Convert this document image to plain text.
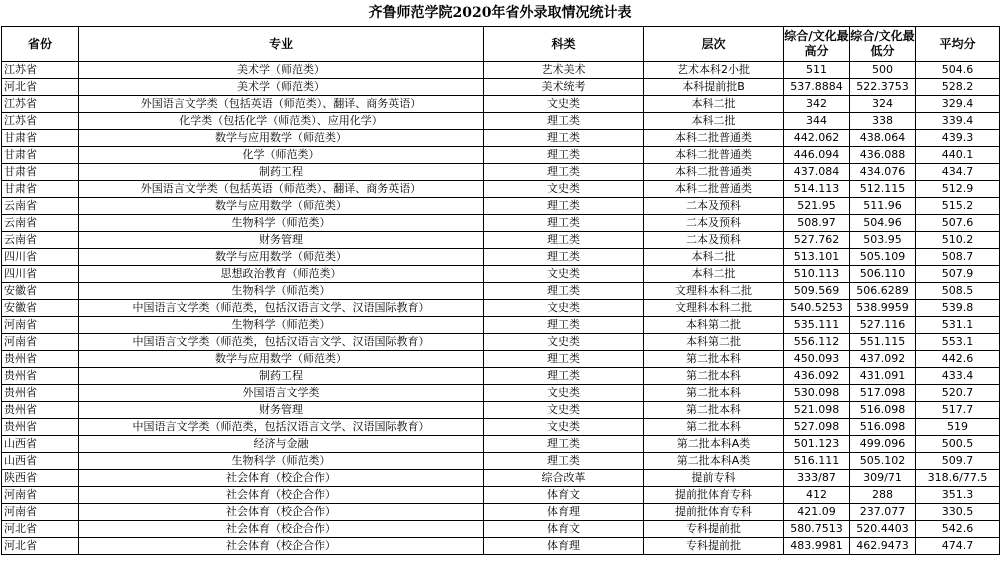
齐鲁师范学院2020年省外录取情况统计表
省份	专业	科类	层次	综合/文化最高分	综合/文化最低分	平均分
江苏省	美术学（师范类）	艺术美术	艺术本科2小批	511	500	504.6
河北省	美术学（师范类）	美术统考	本科提前批B	537.8884	522.3753	528.2
江苏省	外国语言文学类（包括英语（师范类）、翻译、商务英语）	文史类	本科二批	342	324	329.4
江苏省	化学类（包括化学（师范类）、应用化学）	理工类	本科二批	344	338	339.4
甘肃省	数学与应用数学（师范类）	理工类	本科二批普通类	442.062	438.064	439.3
甘肃省	化学（师范类）	理工类	本科二批普通类	446.094	436.088	440.1
甘肃省	制药工程	理工类	本科二批普通类	437.084	434.076	434.7
甘肃省	外国语言文学类（包括英语（师范类）、翻译、商务英语）	文史类	本科二批普通类	514.113	512.115	512.9
云南省	数学与应用数学（师范类）	理工类	二本及预科	521.95	511.96	515.2
云南省	生物科学（师范类）	理工类	二本及预科	508.97	504.96	507.6
云南省	财务管理	理工类	二本及预科	527.762	503.95	510.2
四川省	数学与应用数学（师范类）	理工类	本科二批	513.101	505.109	508.7
四川省	思想政治教育（师范类）	文史类	本科二批	510.113	506.110	507.9
安徽省	生物科学（师范类）	理工类	文理科本科二批	509.569	506.6289	508.5
安徽省	中国语言文学类（师范类，包括汉语言文学、汉语国际教育）	文史类	文理科本科二批	540.5253	538.9959	539.8
河南省	生物科学（师范类）	理工类	本科第二批	535.111	527.116	531.1
河南省	中国语言文学类（师范类，包括汉语言文学、汉语国际教育）	文史类	本科第二批	556.112	551.115	553.1
贵州省	数学与应用数学（师范类）	理工类	第二批本科	450.093	437.092	442.6
贵州省	制药工程	理工类	第二批本科	436.092	431.091	433.4
贵州省	外国语言文学类	文史类	第二批本科	530.098	517.098	520.7
贵州省	财务管理	文史类	第二批本科	521.098	516.098	517.7
贵州省	中国语言文学类（师范类，包括汉语言文学、汉语国际教育）	文史类	第二批本科	527.098	516.098	519
山西省	经济与金融	理工类	第二批本科A类	501.123	499.096	500.5
山西省	生物科学（师范类）	理工类	第二批本科A类	516.111	505.102	509.7
陕西省	社会体育（校企合作）	综合改革	提前专科	333/87	309/71	318.6/77.5
河南省	社会体育（校企合作）	体育文	提前批体育专科	412	288	351.3
河南省	社会体育（校企合作）	体育理	提前批体育专科	421.09	237.077	330.5
河北省	社会体育（校企合作）	体育文	专科提前批	580.7513	520.4403	542.6
河北省	社会体育（校企合作）	体育理	专科提前批	483.9981	462.9473	474.7
